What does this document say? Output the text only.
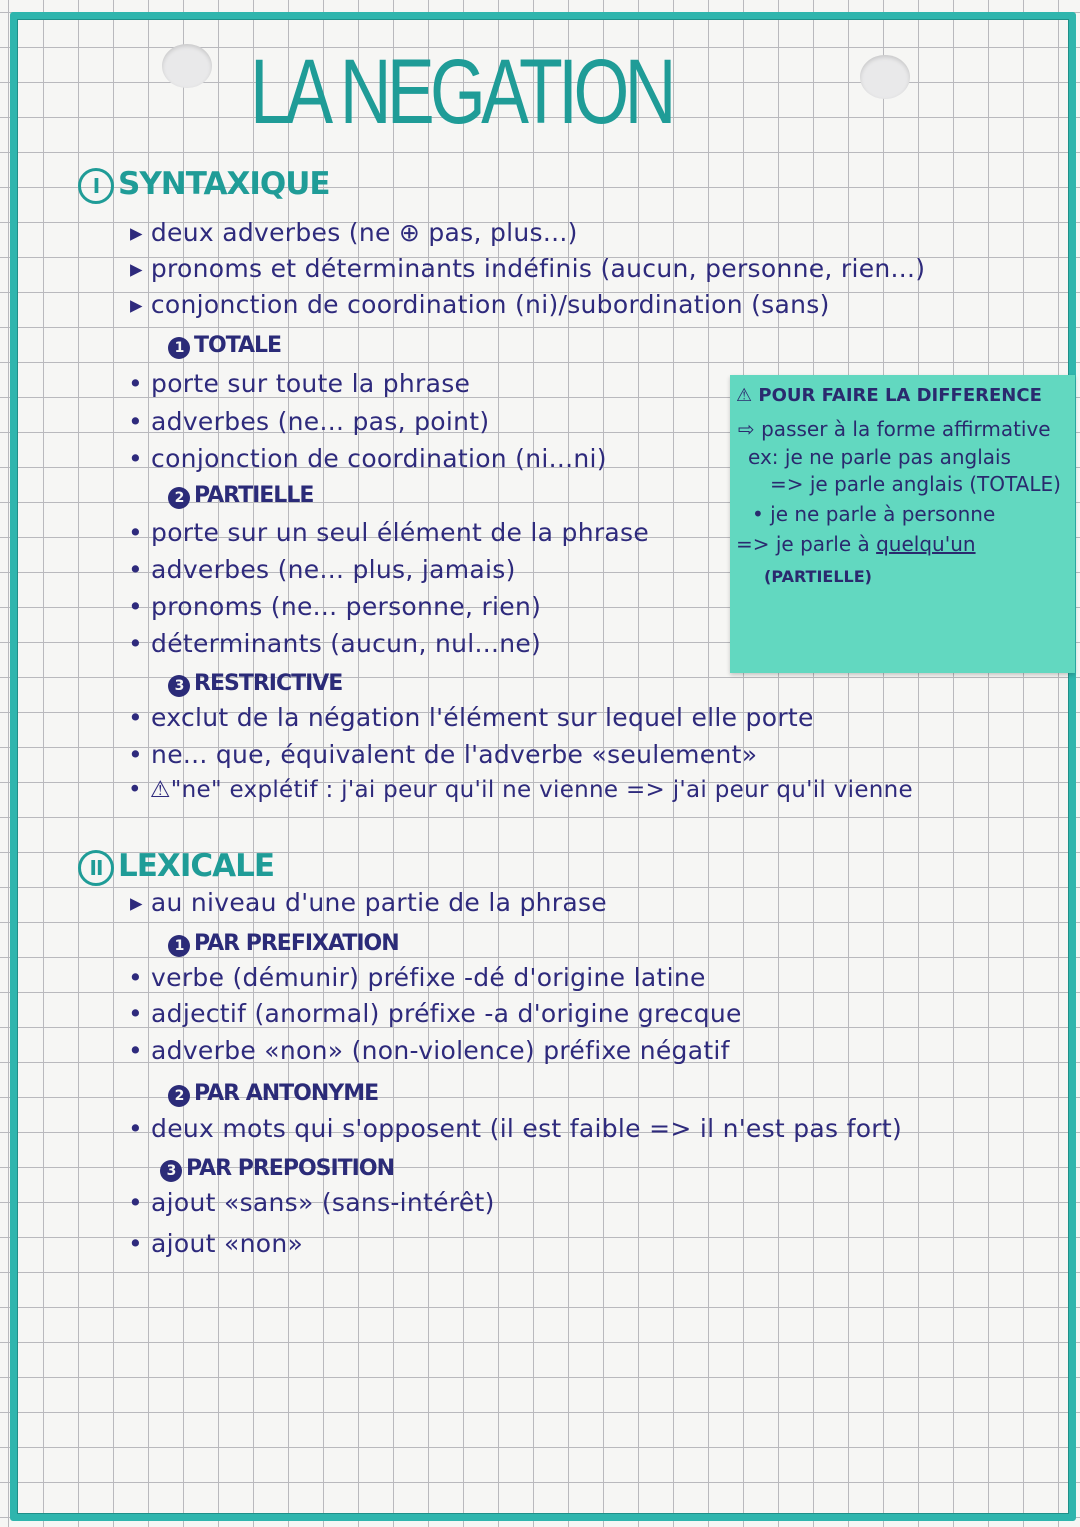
LA NEGATION
I SYNTAXIQUE
▸ deux adverbes (ne ⊕ pas, plus...)
▸ pronoms et déterminants indéfinis (aucun, personne, rien...)
▸ conjonction de coordination (ni)/subordination (sans)
1 TOTALE
• porte sur toute la phrase
• adverbes (ne... pas, point)
• conjonction de coordination (ni...ni)
2 PARTIELLE
• porte sur un seul élément de la phrase
• adverbes (ne... plus, jamais)
• pronoms (ne... personne, rien)
• déterminants (aucun, nul...ne)
3 RESTRICTIVE
• exclut de la négation l'élément sur lequel elle porte
• ne... que, équivalent de l'adverbe «seulement»
• ⚠"ne" explétif : j'ai peur qu'il ne vienne => j'ai peur qu'il vienne
II LEXICALE
▸ au niveau d'une partie de la phrase
1 PAR PREFIXATION
• verbe (démunir) préfixe -dé d'origine latine
• adjectif (anormal) préfixe -a d'origine grecque
• adverbe «non» (non-violence) préfixe négatif
2 PAR ANTONYME
• deux mots qui s'opposent (il est faible => il n'est pas fort)
3 PAR PREPOSITION
• ajout «sans» (sans-intérêt)
• ajout «non»
⚠ POUR FAIRE LA DIFFERENCE
⇨ passer à la forme affirmative
ex: je ne parle pas anglais
=> je parle anglais (TOTALE)
• je ne parle à personne
=> je parle à quelqu'un
(PARTIELLE)
